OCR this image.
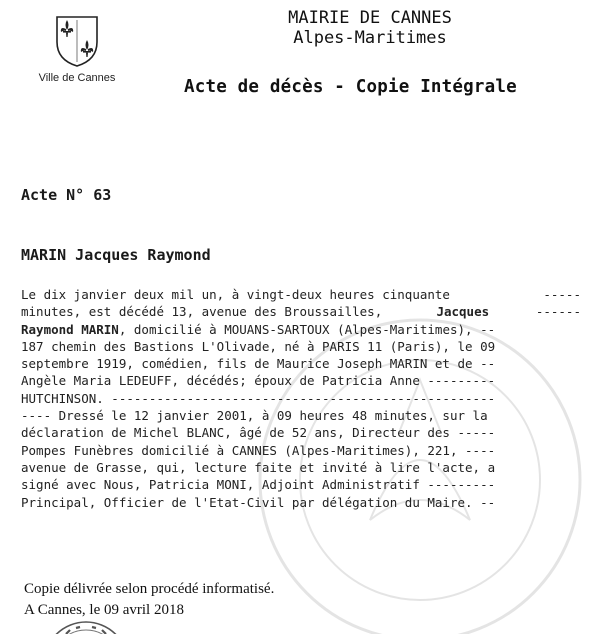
Ville de Cannes
MAIRIE DE CANNES
Alpes-Maritimes
Acte de décès - Copie Intégrale
Acte N° 63
MARIN Jacques Raymond
Le dix janvier deux mil un, à vingt-deux heures cinquante	-----
minutes, est décédé 13, avenue des Broussailles,	Jacques	------
Raymond MARIN, domicilié à MOUANS-SARTOUX (Alpes-Maritimes), --
187 chemin des Bastions L'Olivade, né à PARIS 11 (Paris), le 09
septembre 1919, comédien, fils de Maurice Joseph MARIN et de --
Angèle Maria LEDEUFF, décédés; époux de Patricia Anne ---------
HUTCHINSON. ---------------------------------------------------
---- Dressé le 12 janvier 2001, à 09 heures 48 minutes, sur la
déclaration de Michel BLANC, âgé de 52 ans, Directeur des -----
Pompes Funèbres domicilié à CANNES (Alpes-Maritimes), 221, ----
avenue de Grasse, qui, lecture faite et invité à lire l'acte, a
signé avec Nous, Patricia MONI, Adjoint Administratif ---------
Principal, Officier de l'Etat-Civil par délégation du Maire. --
Copie délivrée selon procédé informatisé.
A Cannes, le 09 avril 2018
